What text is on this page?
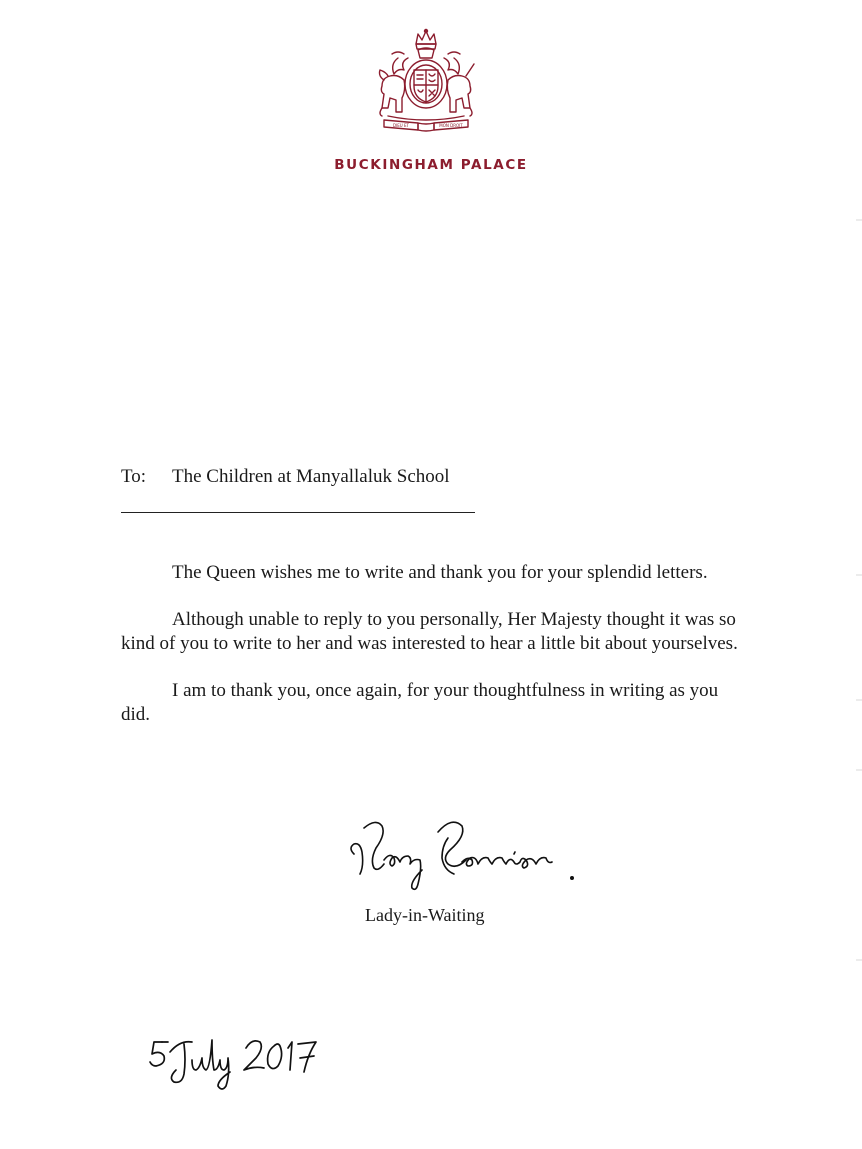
DIEU ET	MON DROIT
BUCKINGHAM PALACE
To: The Children at Manyallaluk School

The Queen wishes me to write and thank you for your splendid letters.

Although unable to reply to you personally, Her Majesty thought it was so kind of you to write to her and was interested to hear a little bit about yourselves.

I am to thank you, once again, for your thoughtfulness in writing as you did.

Lady-in-Waiting
